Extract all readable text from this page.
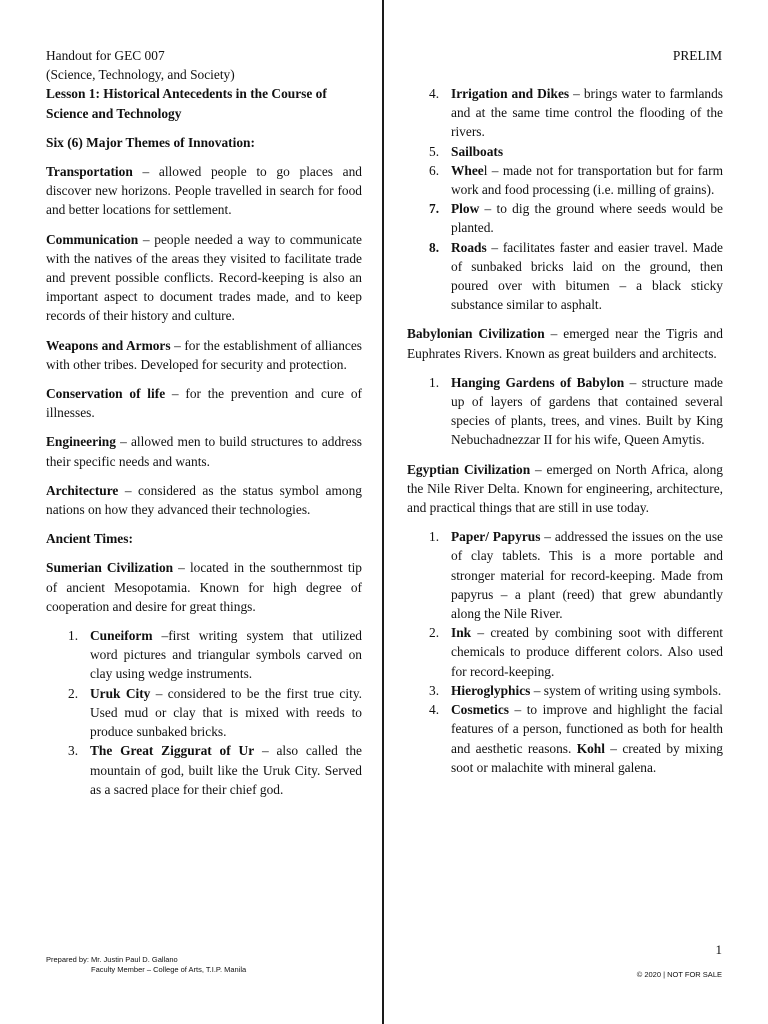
PRELIM
Handout for GEC 007
(Science, Technology, and Society)

Lesson 1: Historical Antecedents in the Course of Science and Technology

Six (6) Major Themes of Innovation:

Transportation – allowed people to go places and discover new horizons. People travelled in search for food and better locations for settlement.

Communication – people needed a way to communicate with the natives of the areas they visited to facilitate trade and prevent possible conflicts. Record-keeping is also an important aspect to document trades made, and to keep records of their history and culture.

Weapons and Armors – for the establishment of alliances with other tribes. Developed for security and protection.

Conservation of life – for the prevention and cure of illnesses.

Engineering – allowed men to build structures to address their specific needs and wants.

Architecture – considered as the status symbol among nations on how they advanced their technologies.

Ancient Times:

Sumerian Civilization – located in the southernmost tip of ancient Mesopotamia. Known for high degree of cooperation and desire for great things.

1. Cuneiform –first writing system that utilized word pictures and triangular symbols carved on clay using wedge instruments.
2. Uruk City – considered to be the first true city. Used mud or clay that is mixed with reeds to produce sunbaked bricks.
3. The Great Ziggurat of Ur – also called the mountain of god, built like the Uruk City. Served as a sacred place for their chief god.
4. Irrigation and Dikes – brings water to farmlands and at the same time control the flooding of the rivers.
5. Sailboats
6. Wheel – made not for transportation but for farm work and food processing (i.e. milling of grains).
7. Plow – to dig the ground where seeds would be planted.
8. Roads – facilitates faster and easier travel. Made of sunbaked bricks laid on the ground, then poured over with bitumen – a black sticky substance similar to asphalt.

Babylonian Civilization – emerged near the Tigris and Euphrates Rivers. Known as great builders and architects.

1. Hanging Gardens of Babylon – structure made up of layers of gardens that contained several species of plants, trees, and vines. Built by King Nebuchadnezzar II for his wife, Queen Amytis.

Egyptian Civilization – emerged on North Africa, along the Nile River Delta. Known for engineering, architecture, and practical things that are still in use today.

1. Paper/ Papyrus – addressed the issues on the use of clay tablets. This is a more portable and stronger material for record-keeping. Made from papyrus – a plant (reed) that grew abundantly along the Nile River.
2. Ink – created by combining soot with different chemicals to produce different colors. Also used for record-keeping.
3. Hieroglyphics – system of writing using symbols.
4. Cosmetics – to improve and highlight the facial features of a person, functioned as both for health and aesthetic reasons. Kohl – created by mixing soot or malachite with mineral galena.
1
Prepared by: Mr. Justin Paul D. Gallano
Faculty Member – College of Arts, T.I.P. Manila
© 2020 | NOT FOR SALE
